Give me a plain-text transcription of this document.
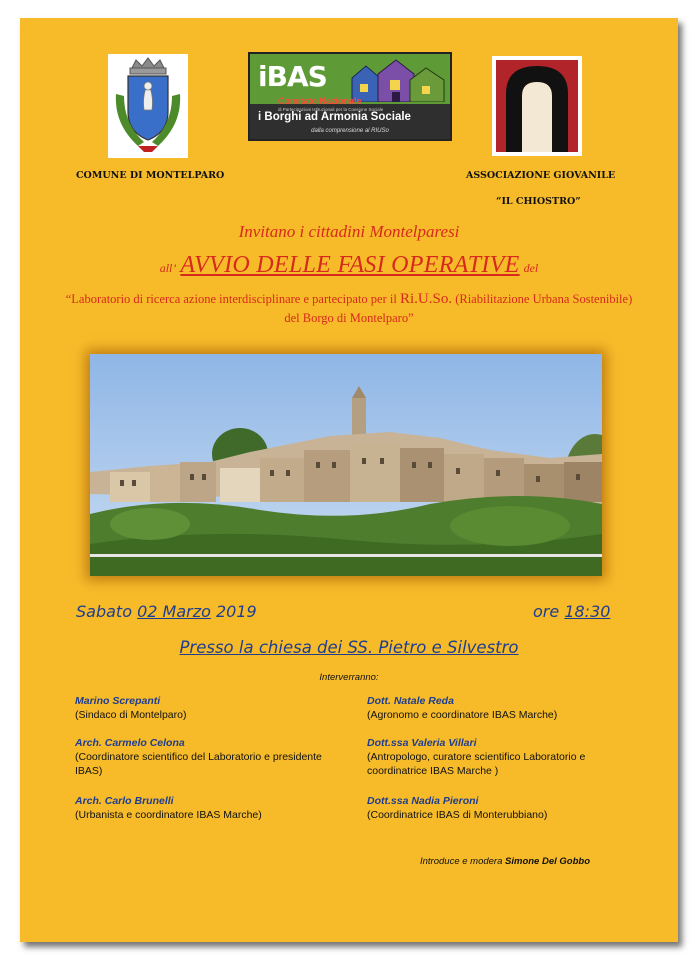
iBAS
Comitato Nazionale
di Partecipazioni Istituzionali per la Coesione Sociale
i Borghi ad Armonia Sociale
dalla comprensione al RIUSo
COMUNE DI MONTELPARO	ASSOCIAZIONE GIOVANILE
“IL CHIOSTRO”
Invitano i cittadini Montelparesi
all’ AVVIO DELLE FASI OPERATIVE del
“Laboratorio di ricerca azione interdisciplinare e partecipato per il Ri.U.So. (Riabilitazione Urbana Sostenibile) del Borgo di Montelparo”
Sabato 02 Marzo 2019	ore 18:30
Presso la chiesa dei SS. Pietro e Silvestro
Interverranno:
Marino Screpanti
(Sindaco di Montelparo)
Dott. Natale Reda
(Agronomo e coordinatore IBAS Marche)
Arch. Carmelo Celona
(Coordinatore scientifico del Laboratorio e presidente IBAS)
Dott.ssa Valeria Villari
(Antropologo, curatore scientifico Laboratorio e coordinatrice IBAS Marche )
Arch. Carlo Brunelli
(Urbanista e coordinatore IBAS Marche)
Dott.ssa Nadia Pieroni
(Coordinatrice IBAS di Monterubbiano)
Introduce e modera Simone Del Gobbo
